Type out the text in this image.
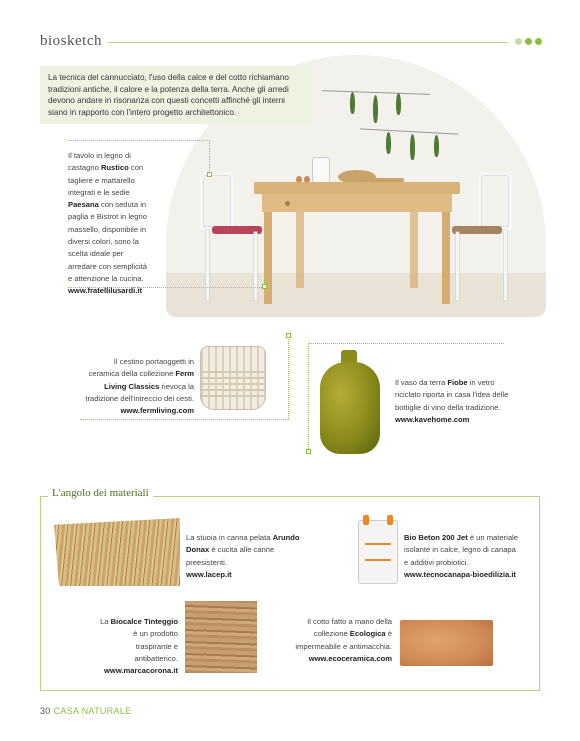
biosketch
La tecnica del cannucciato, l'uso della calce e del cotto richiamano tradizioni antiche, il calore e la potenza della terra. Anche gli arredi devono andare in risonanza con questi concetti affinché gli interni siano in rapporto con l'intero progetto architettonico.
Il tavolo in legno di castagno Rustico con tagliere e mattarello integrati e le sedie Paesana con seduta in paglia e Bistrot in legno massello, disponibile in diversi colori, sono la scelta ideale per arredare con semplicità e attenzione la cucina.
www.fratellilusardi.it
Il cestino portaoggetti in ceramica della collezione Ferm Living Classics rievoca la tradizione dell'intreccio dei cesti. www.fermliving.com
Il vaso da terra Fiobe in vetro riciclato riporta in casa l'idea delle bottiglie di vino della tradizione.
www.kavehome.com
L'angolo dei materiali
La stuoia in canna pelata Arundo Donax è cucita alle canne preesistenti.
www.lacep.it
Bio Beton 200 Jet è un materiale isolante in calce, legno di canapa e additivi probiotici.
www.tecnocanapa-bioedilizia.it
La Biocalce Tinteggio è un prodotto traspirante e antibatterico.
www.marcacorona.it
Il cotto fatto a mano della collezione Ecologica è impermeabile e antimacchia.
www.ecoceramica.com
30 CASA NATURALE
